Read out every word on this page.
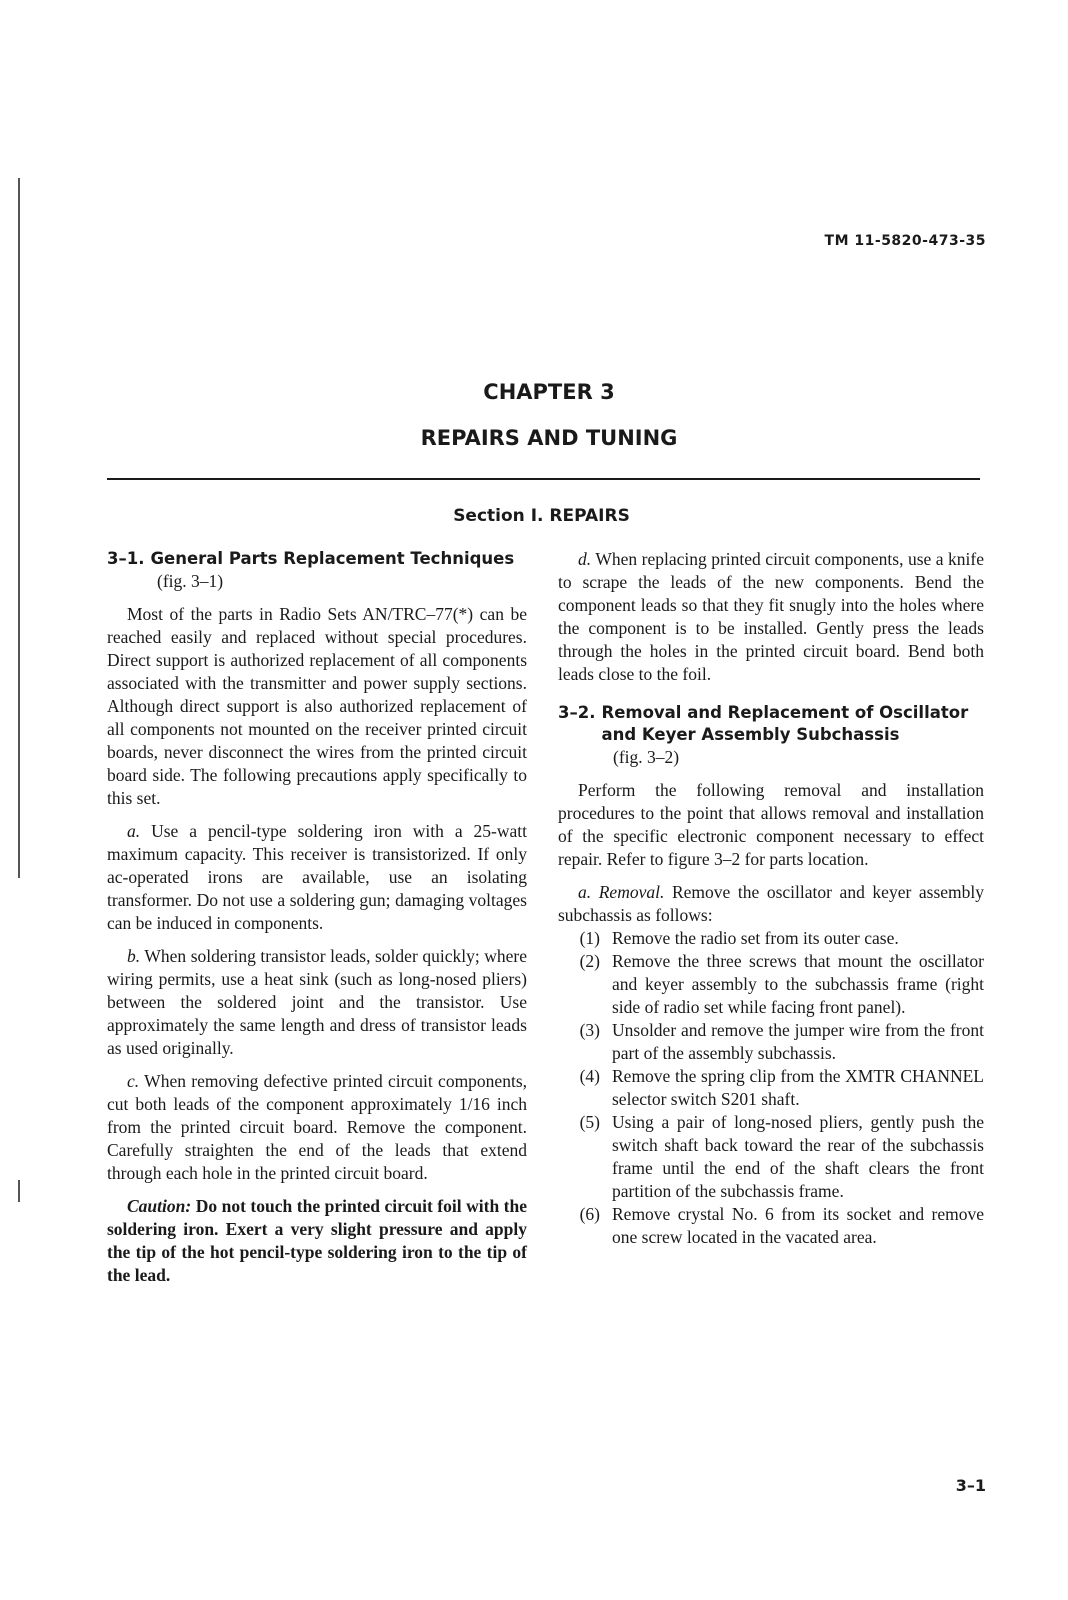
TM 11-5820-473-35
CHAPTER 3
REPAIRS AND TUNING
Section I. REPAIRS
3–1. General Parts Replacement Techniques
(fig. 3–1)

Most of the parts in Radio Sets AN/TRC–77(*) can be reached easily and replaced without special procedures. Direct support is authorized replacement of all components associated with the transmitter and power supply sections. Although direct support is also authorized replacement of all components not mounted on the receiver printed circuit boards, never disconnect the wires from the printed circuit board side. The following precautions apply specifically to this set.

a. Use a pencil-type soldering iron with a 25-watt maximum capacity. This receiver is transistorized. If only ac-operated irons are available, use an isolating transformer. Do not use a soldering gun; damaging voltages can be induced in components.

b. When soldering transistor leads, solder quickly; where wiring permits, use a heat sink (such as long-nosed pliers) between the soldered joint and the transistor. Use approximately the same length and dress of transistor leads as used originally.

c. When removing defective printed circuit components, cut both leads of the component approximately 1/16 inch from the printed circuit board. Remove the component. Carefully straighten the end of the leads that extend through each hole in the printed circuit board.

Caution: Do not touch the printed circuit foil with the soldering iron. Exert a very slight pressure and apply the tip of the hot pencil-type soldering iron to the tip of the lead.

d. When replacing printed circuit components, use a knife to scrape the leads of the new components. Bend the component leads so that they fit snugly into the holes where the component is to be installed. Gently press the leads through the holes in the printed circuit board. Bend both leads close to the foil.

3–2. Removal and Replacement of Oscillator and Keyer Assembly Subchassis
(fig. 3–2)

Perform the following removal and installation procedures to the point that allows removal and installation of the specific electronic component necessary to effect repair. Refer to figure 3–2 for parts location.

a. Removal. Remove the oscillator and keyer assembly subchassis as follows:

(1) Remove the radio set from its outer case.
(2) Remove the three screws that mount the oscillator and keyer assembly to the subchassis frame (right side of radio set while facing front panel).
(3) Unsolder and remove the jumper wire from the front part of the assembly subchassis.
(4) Remove the spring clip from the XMTR CHANNEL selector switch S201 shaft.
(5) Using a pair of long-nosed pliers, gently push the switch shaft back toward the rear of the subchassis frame until the end of the shaft clears the front partition of the subchassis frame.
(6) Remove crystal No. 6 from its socket and remove one screw located in the vacated area.
3–1
